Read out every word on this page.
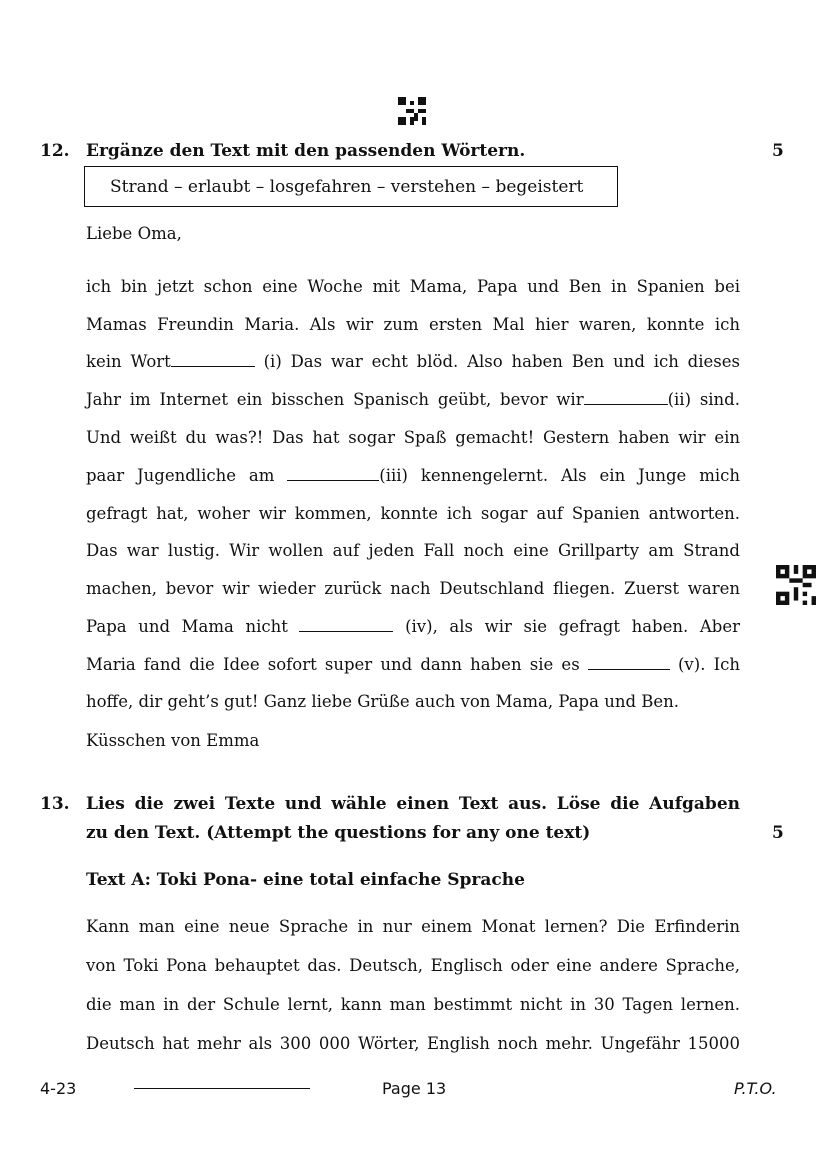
12. Ergänze den Text mit den passenden Wörtern.	5
Strand – erlaubt – losgefahren – verstehen – begeistert
Liebe Oma,
ich bin jetzt schon eine Woche mit Mama, Papa und Ben in Spanien bei
Mamas Freundin Maria. Als wir zum ersten Mal hier waren, konnte ich
kein Wort	(i) Das war echt blöd. Also haben Ben und ich dieses
Jahr im Internet ein bisschen Spanisch geübt, bevor wir	(ii) sind.
Und weißt du was?! Das hat sogar Spaß gemacht! Gestern haben wir ein
paar Jugendliche am	(iii) kennengelernt. Als ein Junge mich
gefragt hat, woher wir kommen, konnte ich sogar auf Spanien antworten.
Das war lustig. Wir wollen auf jeden Fall noch eine Grillparty am Strand
machen, bevor wir wieder zurück nach Deutschland fliegen. Zuerst waren
Papa und Mama nicht	(iv), als wir sie gefragt haben. Aber
Maria fand die Idee sofort super und dann haben sie es	(v). Ich
hoffe, dir geht’s gut! Ganz liebe Grüße auch von Mama, Papa und Ben.
Küsschen von Emma
13. Lies die zwei Texte und wähle einen Text aus. Löse die Aufgaben
zu den Text. (Attempt the questions for any one text)	5
Text A: Toki Pona- eine total einfache Sprache
Kann man eine neue Sprache in nur einem Monat lernen? Die Erfinderin
von Toki Pona behauptet das. Deutsch, Englisch oder eine andere Sprache,
die man in der Schule lernt, kann man bestimmt nicht in 30 Tagen lernen.
Deutsch hat mehr als 300 000 Wörter, English noch mehr. Ungefähr 15000
4-23	Page 13	P.T.O.
